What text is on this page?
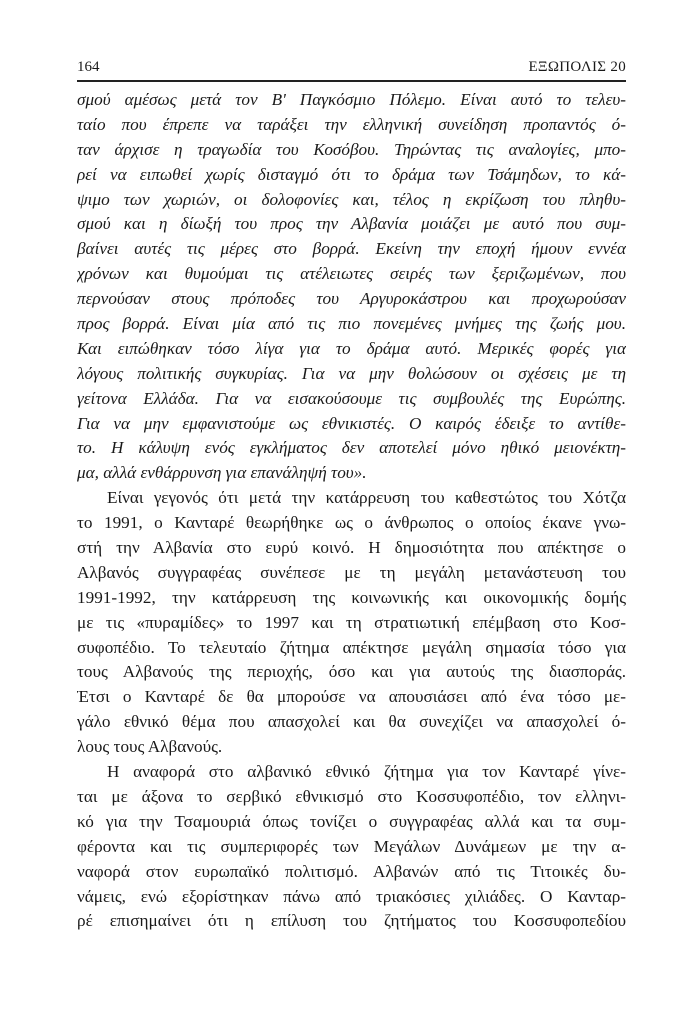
164	ΕΞΩΠΟΛΙΣ 20
σμού αμέσως μετά τον Β' Παγκόσμιο Πόλεμο. Είναι αυτό το τελευ-
ταίο που έπρεπε να ταράξει την ελληνική συνείδηση προπαντός ό-
ταν άρχισε η τραγωδία του Κοσόβου. Τηρώντας τις αναλογίες, μπο-
ρεί να ειπωθεί χωρίς δισταγμό ότι το δράμα των Τσάμηδων, το κά-
ψιμο των χωριών, οι δολοφονίες και, τέλος η εκρίζωση του πληθυ-
σμού και η δίωξή του προς την Αλβανία μοιάζει με αυτό που συμ-
βαίνει αυτές τις μέρες στο βορρά. Εκείνη την εποχή ήμουν εννέα
χρόνων και θυμούμαι τις ατέλειωτες σειρές των ξεριζωμένων, που
περνούσαν στους πρόποδες του Αργυροκάστρου και προχωρούσαν
προς βορρά. Είναι μία από τις πιο πονεμένες μνήμες της ζωής μου.
Και ειπώθηκαν τόσο λίγα για το δράμα αυτό. Μερικές φορές για
λόγους πολιτικής συγκυρίας. Για να μην θολώσουν οι σχέσεις με τη
γείτονα Ελλάδα. Για να εισακούσουμε τις συμβουλές της Ευρώπης.
Για να μην εμφανιστούμε ως εθνικιστές. Ο καιρός έδειξε το αντίθε-
το. Η κάλυψη ενός εγκλήματος δεν αποτελεί μόνο ηθικό μειονέκτη-
μα, αλλά ενθάρρυνση για επανάληψή του».
Είναι γεγονός ότι μετά την κατάρρευση του καθεστώτος του Χότζα
το 1991, ο Κανταρέ θεωρήθηκε ως ο άνθρωπος ο οποίος έκανε γνω-
στή την Αλβανία στο ευρύ κοινό. Η δημοσιότητα που απέκτησε ο
Αλβανός συγγραφέας συνέπεσε με τη μεγάλη μετανάστευση του
1991-1992, την κατάρρευση της κοινωνικής και οικονομικής δομής
με τις «πυραμίδες» το 1997 και τη στρατιωτική επέμβαση στο Κοσ-
συφοπέδιο. Το τελευταίο ζήτημα απέκτησε μεγάλη σημασία τόσο για
τους Αλβανούς της περιοχής, όσο και για αυτούς της διασποράς.
Έτσι ο Κανταρέ δε θα μπορούσε να απουσιάσει από ένα τόσο με-
γάλο εθνικό θέμα που απασχολεί και θα συνεχίζει να απασχολεί ό-
λους τους Αλβανούς.
Η αναφορά στο αλβανικό εθνικό ζήτημα για τον Κανταρέ γίνε-
ται με άξονα το σερβικό εθνικισμό στο Κοσσυφοπέδιο, τον ελληνι-
κό για την Τσαμουριά όπως τονίζει ο συγγραφέας αλλά και τα συμ-
φέροντα και τις συμπεριφορές των Μεγάλων Δυνάμεων με την α-
ναφορά στον ευρωπαϊκό πολιτισμό. Αλβανών από τις Τιτοικές δυ-
νάμεις, ενώ εξορίστηκαν πάνω από τριακόσιες χιλιάδες. Ο Κανταρ-
ρέ επισημαίνει ότι η επίλυση του ζητήματος του Κοσσυφοπεδίου
